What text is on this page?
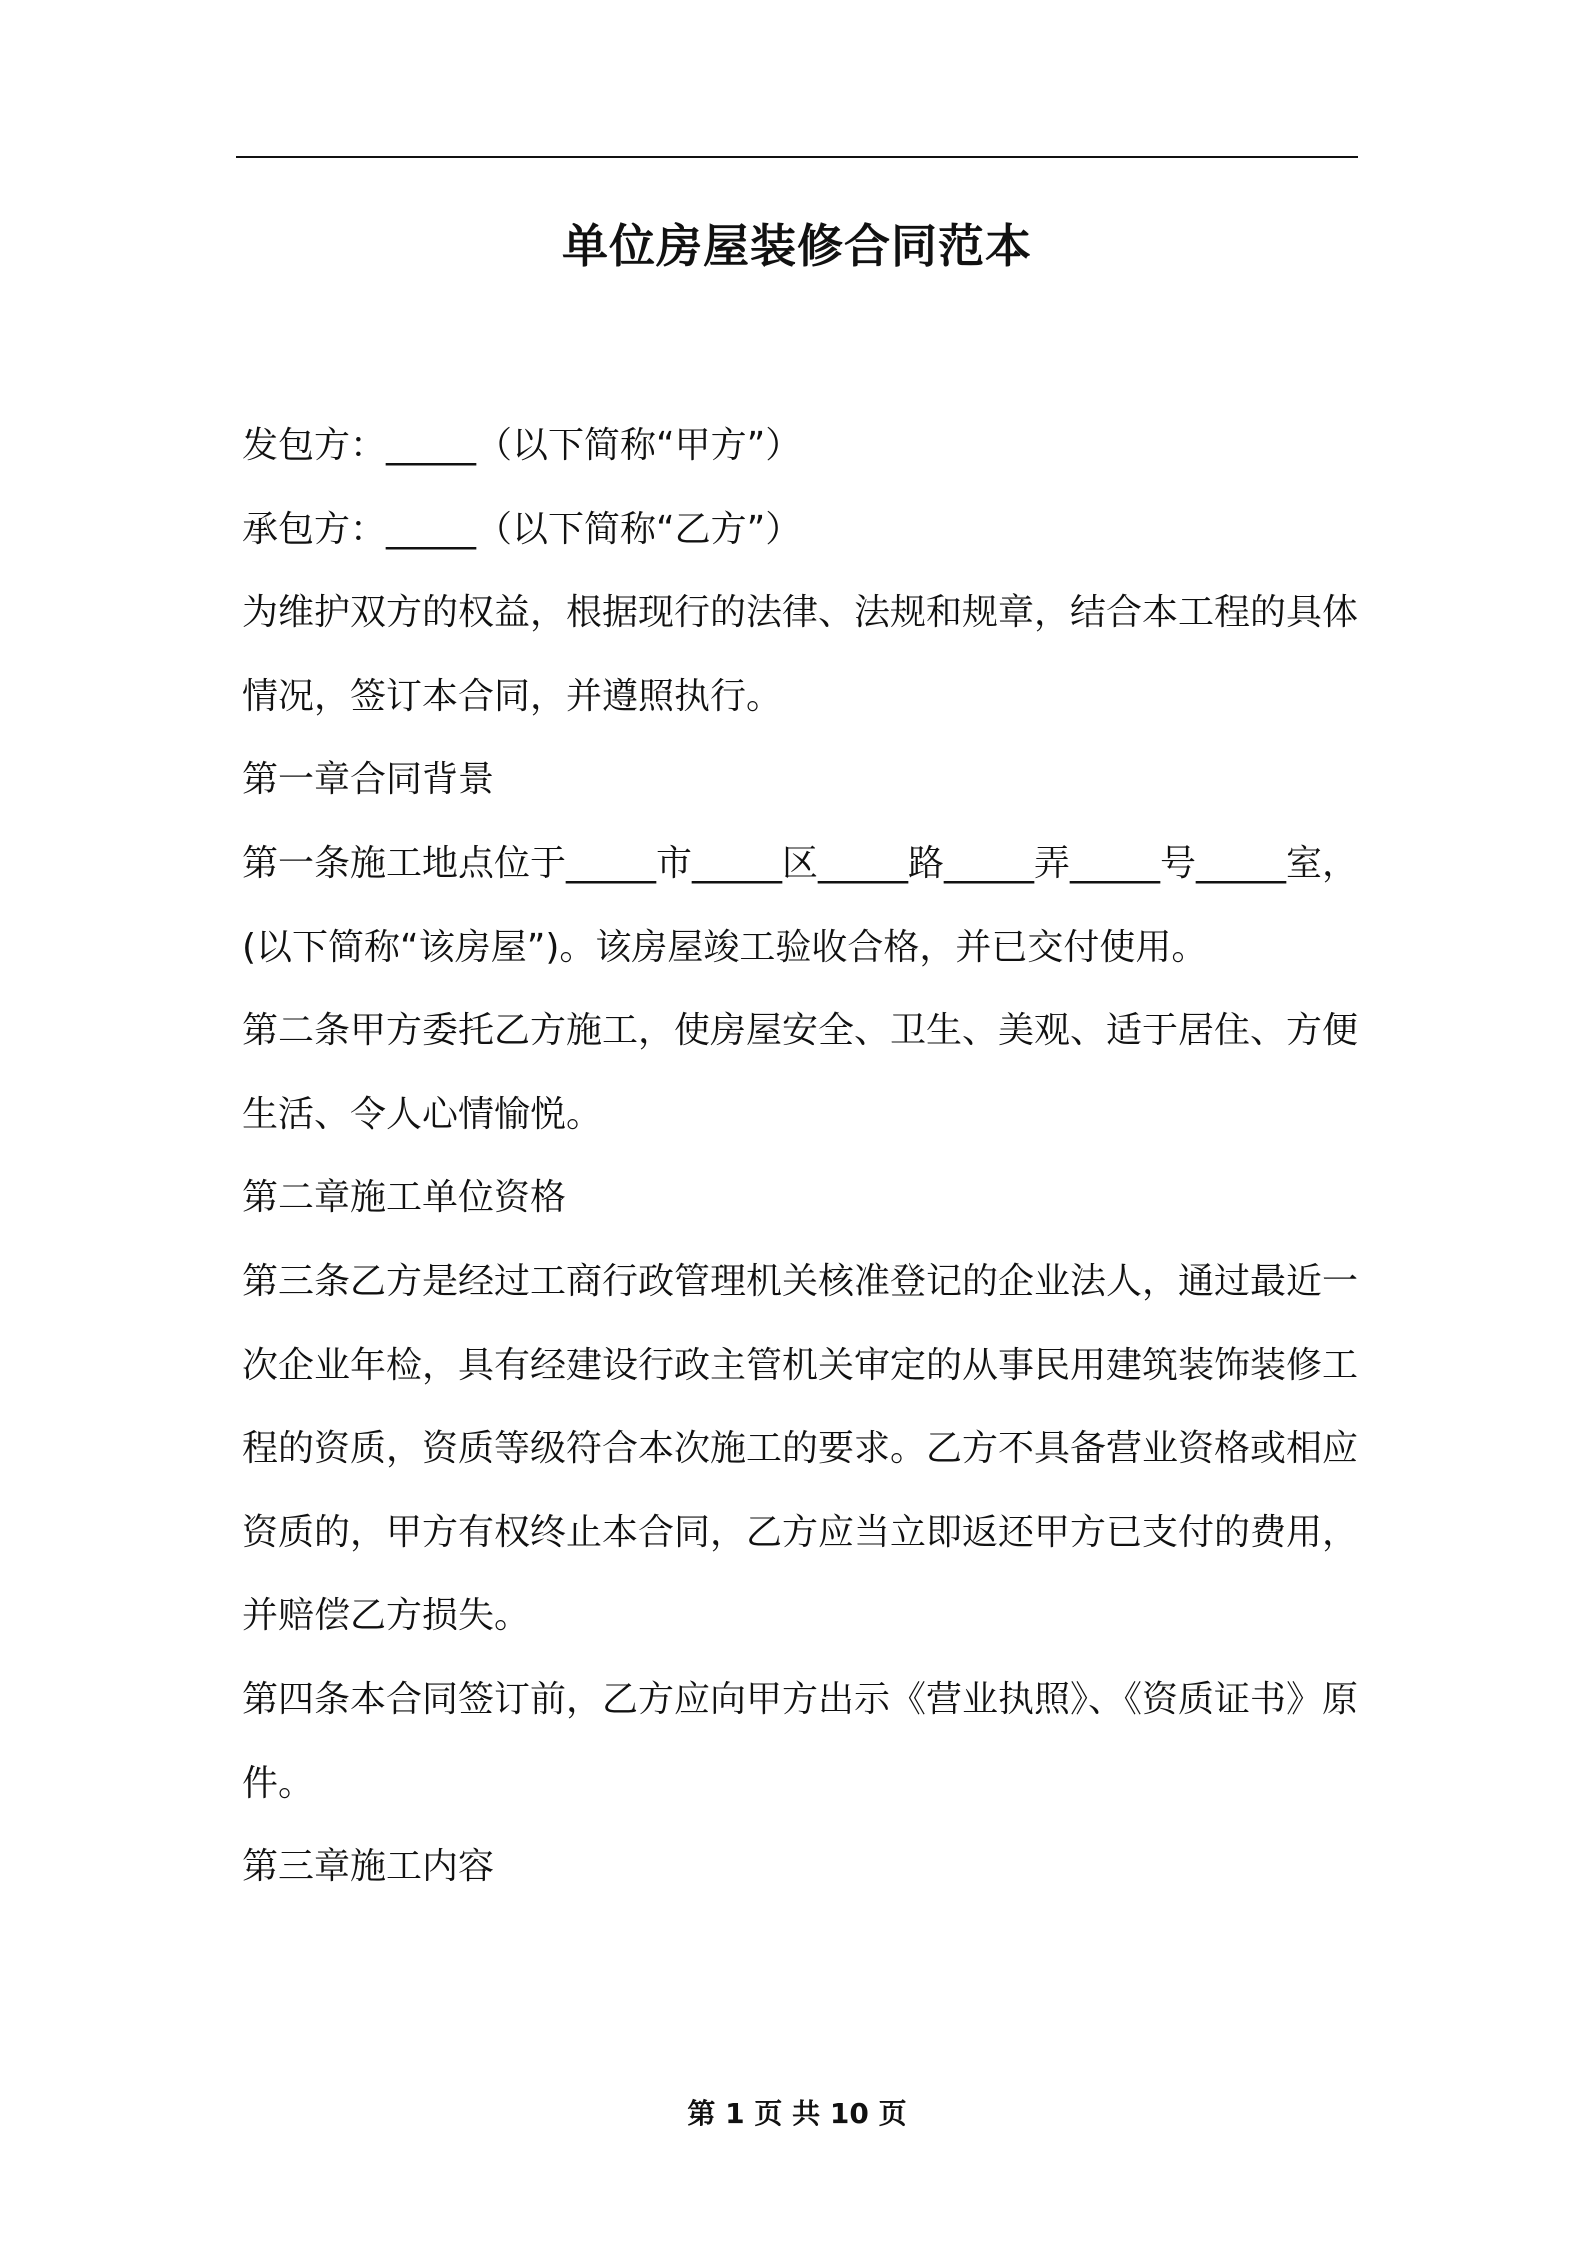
单位房屋装修合同范本

发包方：_____（以下简称“甲方”）

承包方：_____（以下简称“乙方”）

为维护双方的权益，根据现行的法律、法规和规章，结合本工程的具体情况，签订本合同，并遵照执行。

第一章合同背景

第一条施工地点位于_____市_____区_____路_____弄_____号_____室，(以下简称“该房屋”)。该房屋竣工验收合格，并已交付使用。

第二条甲方委托乙方施工，使房屋安全、卫生、美观、适于居住、方便生活、令人心情愉悦。

第二章施工单位资格

第三条乙方是经过工商行政管理机关核准登记的企业法人，通过最近一次企业年检，具有经建设行政主管机关审定的从事民用建筑装饰装修工程的资质，资质等级符合本次施工的要求。乙方不具备营业资格或相应资质的，甲方有权终止本合同，乙方应当立即返还甲方已支付的费用，并赔偿乙方损失。

第四条本合同签订前，乙方应向甲方出示《营业执照》、《资质证书》原件。

第三章施工内容

第 1 页 共 10 页
